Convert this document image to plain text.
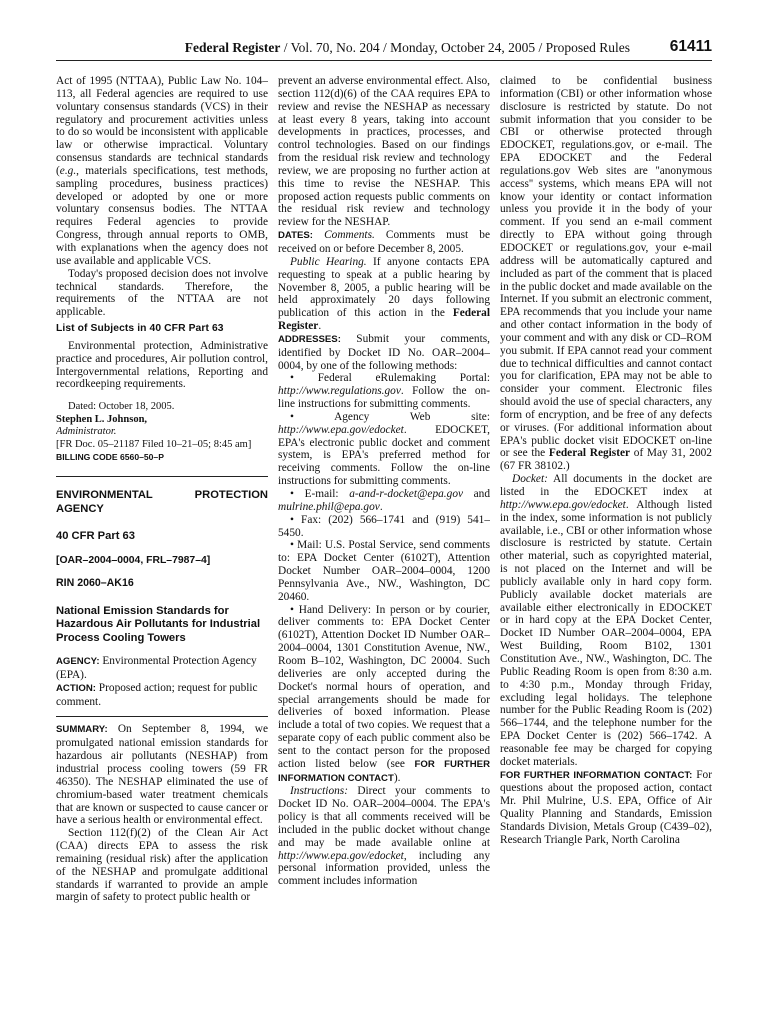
Federal Register / Vol. 70, No. 204 / Monday, October 24, 2005 / Proposed Rules	61411

Act of 1995 (NTTAA), Public Law No. 104–113, all Federal agencies are required to use voluntary consensus standards (VCS) in their regulatory and procurement activities unless to do so would be inconsistent with applicable law or otherwise impractical. Voluntary consensus standards are technical standards (e.g., materials specifications, test methods, sampling procedures, business practices) developed or adopted by one or more voluntary consensus bodies. The NTTAA requires Federal agencies to provide Congress, through annual reports to OMB, with explanations when the agency does not use available and applicable VCS.

Today's proposed decision does not involve technical standards. Therefore, the requirements of the NTTAA are not applicable.

List of Subjects in 40 CFR Part 63

Environmental protection, Administrative practice and procedures, Air pollution control, Intergovernmental relations, Reporting and recordkeeping requirements.

Dated: October 18, 2005.

Stephen L. Johnson,

Administrator.

[FR Doc. 05–21187 Filed 10–21–05; 8:45 am]

BILLING CODE 6560–50–P

ENVIRONMENTAL PROTECTION AGENCY

40 CFR Part 63

[OAR–2004–0004, FRL–7987–4]

RIN 2060–AK16

National Emission Standards for Hazardous Air Pollutants for Industrial Process Cooling Towers

AGENCY: Environmental Protection Agency (EPA).

ACTION: Proposed action; request for public comment.

SUMMARY: On September 8, 1994, we promulgated national emission standards for hazardous air pollutants (NESHAP) from industrial process cooling towers (59 FR 46350). The NESHAP eliminated the use of chromium-based water treatment chemicals that are known or suspected to cause cancer or have a serious health or environmental effect.

Section 112(f)(2) of the Clean Air Act (CAA) directs EPA to assess the risk remaining (residual risk) after the application of the NESHAP and promulgate additional standards if warranted to provide an ample margin of safety to protect public health or

prevent an adverse environmental effect. Also, section 112(d)(6) of the CAA requires EPA to review and revise the NESHAP as necessary at least every 8 years, taking into account developments in practices, processes, and control technologies. Based on our findings from the residual risk review and technology review, we are proposing no further action at this time to revise the NESHAP. This proposed action requests public comments on the residual risk review and technology review for the NESHAP.

DATES: Comments. Comments must be received on or before December 8, 2005.

Public Hearing. If anyone contacts EPA requesting to speak at a public hearing by November 8, 2005, a public hearing will be held approximately 20 days following publication of this action in the Federal Register.

ADDRESSES: Submit your comments, identified by Docket ID No. OAR–2004–0004, by one of the following methods:

• Federal eRulemaking Portal: http://www.regulations.gov. Follow the on-line instructions for submitting comments.

• Agency Web site: http://www.epa.gov/edocket. EDOCKET, EPA's electronic public docket and comment system, is EPA's preferred method for receiving comments. Follow the on-line instructions for submitting comments.

• E-mail: a-and-r-docket@epa.gov and mulrine.phil@epa.gov.

• Fax: (202) 566–1741 and (919) 541–5450.

• Mail: U.S. Postal Service, send comments to: EPA Docket Center (6102T), Attention Docket Number OAR–2004–0004, 1200 Pennsylvania Ave., NW., Washington, DC 20460.

• Hand Delivery: In person or by courier, deliver comments to: EPA Docket Center (6102T), Attention Docket ID Number OAR–2004–0004, 1301 Constitution Avenue, NW., Room B–102, Washington, DC 20004. Such deliveries are only accepted during the Docket's normal hours of operation, and special arrangements should be made for deliveries of boxed information. Please include a total of two copies. We request that a separate copy of each public comment also be sent to the contact person for the proposed action listed below (see FOR FURTHER INFORMATION CONTACT).

Instructions: Direct your comments to Docket ID No. OAR–2004–0004. The EPA's policy is that all comments received will be included in the public docket without change and may be made available online at http://www.epa.gov/edocket, including any personal information provided, unless the comment includes information

claimed to be confidential business information (CBI) or other information whose disclosure is restricted by statute. Do not submit information that you consider to be CBI or otherwise protected through EDOCKET, regulations.gov, or e-mail. The EPA EDOCKET and the Federal regulations.gov Web sites are ''anonymous access'' systems, which means EPA will not know your identity or contact information unless you provide it in the body of your comment. If you send an e-mail comment directly to EPA without going through EDOCKET or regulations.gov, your e-mail address will be automatically captured and included as part of the comment that is placed in the public docket and made available on the Internet. If you submit an electronic comment, EPA recommends that you include your name and other contact information in the body of your comment and with any disk or CD–ROM you submit. If EPA cannot read your comment due to technical difficulties and cannot contact you for clarification, EPA may not be able to consider your comment. Electronic files should avoid the use of special characters, any form of encryption, and be free of any defects or viruses. (For additional information about EPA's public docket visit EDOCKET on-line or see the Federal Register of May 31, 2002 (67 FR 38102.)

Docket: All documents in the docket are listed in the EDOCKET index at http://www.epa.gov/edocket. Although listed in the index, some information is not publicly available, i.e., CBI or other information whose disclosure is restricted by statute. Certain other material, such as copyrighted material, is not placed on the Internet and will be publicly available only in hard copy form. Publicly available docket materials are available either electronically in EDOCKET or in hard copy at the EPA Docket Center, Docket ID Number OAR–2004–0004, EPA West Building, Room B102, 1301 Constitution Ave., NW., Washington, DC. The Public Reading Room is open from 8:30 a.m. to 4:30 p.m., Monday through Friday, excluding legal holidays. The telephone number for the Public Reading Room is (202) 566–1744, and the telephone number for the EPA Docket Center is (202) 566–1742. A reasonable fee may be charged for copying docket materials.

FOR FURTHER INFORMATION CONTACT: For questions about the proposed action, contact Mr. Phil Mulrine, U.S. EPA, Office of Air Quality Planning and Standards, Emission Standards Division, Metals Group (C439–02), Research Triangle Park, North Carolina
